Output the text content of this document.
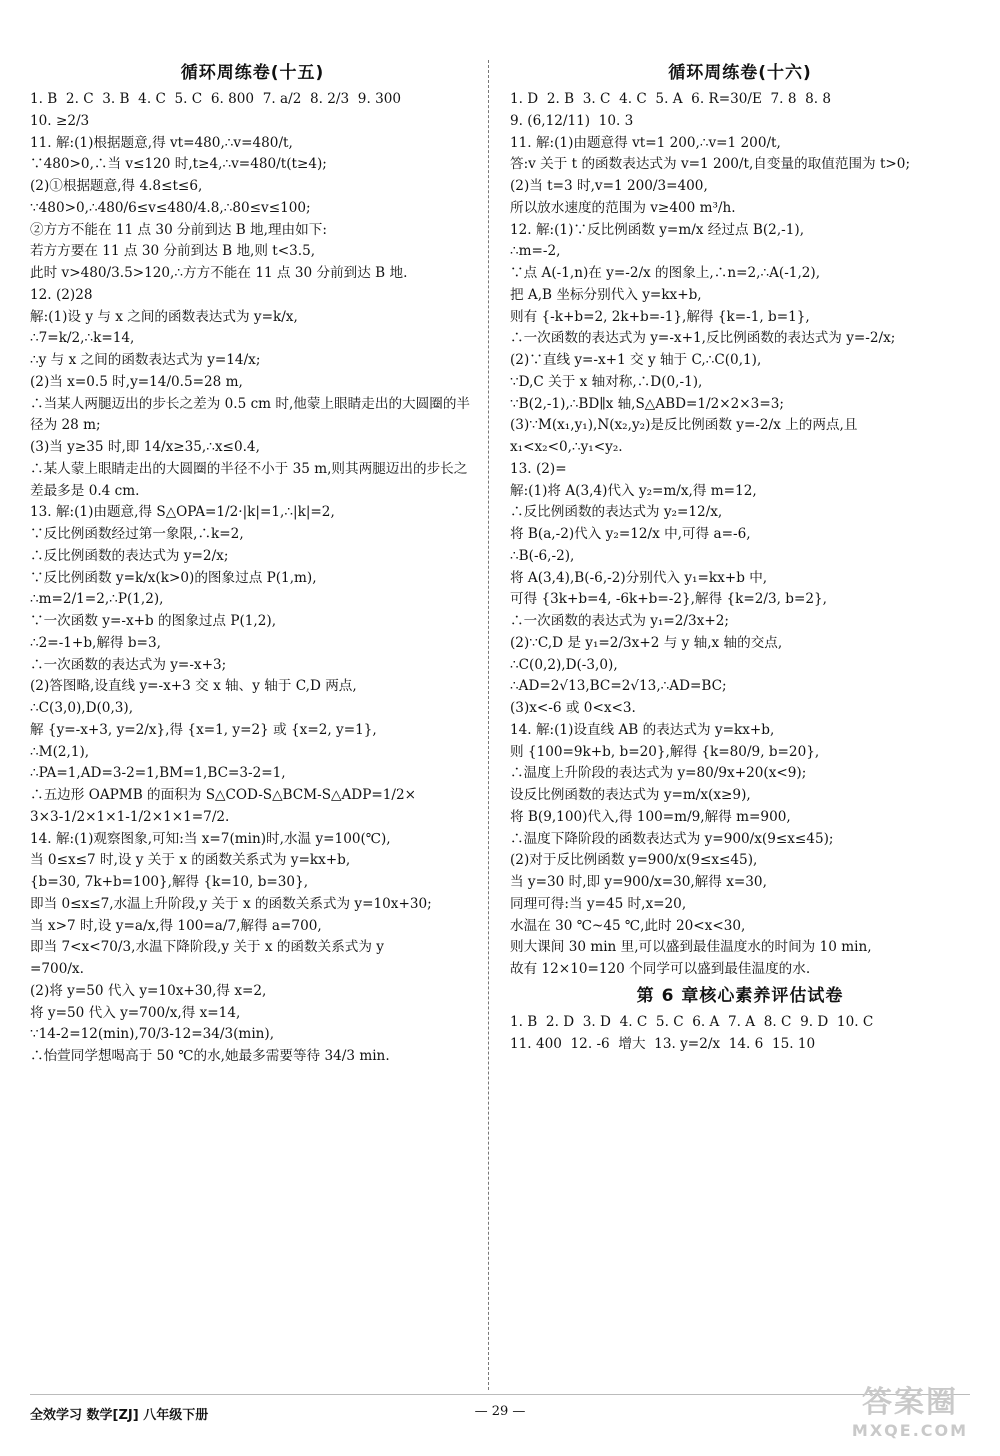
循环周练卷(十五)
1. B  2. C  3. B  4. C  5. C  6. 800  7. a/2  8. 2/3  9. 300
10. ≥2/3
11. 解:(1)根据题意,得 vt=480,∴v=480/t,
∵480>0,∴当 v≤120 时,t≥4,∴v=480/t(t≥4);
(2)①根据题意,得 4.8≤t≤6,
∵480>0,∴480/6≤v≤480/4.8,∴80≤v≤100;
②方方不能在 11 点 30 分前到达 B 地,理由如下:
若方方要在 11 点 30 分前到达 B 地,则 t<3.5,
此时 v>480/3.5>120,∴方方不能在 11 点 30 分前到达 B 地.
12. (2)28
解:(1)设 y 与 x 之间的函数表达式为 y=k/x,
∴7=k/2,∴k=14,
∴y 与 x 之间的函数表达式为 y=14/x;
(2)当 x=0.5 时,y=14/0.5=28 m,
∴当某人两腿迈出的步长之差为 0.5 cm 时,他蒙上眼睛走出的大圆圈的半径为 28 m;
(3)当 y≥35 时,即 14/x≥35,∴x≤0.4,
∴某人蒙上眼睛走出的大圆圈的半径不小于 35 m,则其两腿迈出的步长之差最多是 0.4 cm.
13. 解:(1)由题意,得 S△OPA=1/2·|k|=1,∴|k|=2,
∵反比例函数经过第一象限,∴k=2,
∴反比例函数的表达式为 y=2/x;
∵反比例函数 y=k/x(k>0)的图象过点 P(1,m),
∴m=2/1=2,∴P(1,2),
∵一次函数 y=-x+b 的图象过点 P(1,2),
∴2=-1+b,解得 b=3,
∴一次函数的表达式为 y=-x+3;
(2)答图略,设直线 y=-x+3 交 x 轴、y 轴于 C,D 两点,
∴C(3,0),D(0,3),
解 {y=-x+3, y=2/x},得 {x=1, y=2} 或 {x=2, y=1},
∴M(2,1),
∴PA=1,AD=3-2=1,BM=1,BC=3-2=1,
∴五边形 OAPMB 的面积为 S△COD-S△BCM-S△ADP=1/2×
3×3-1/2×1×1-1/2×1×1=7/2.
14. 解:(1)观察图象,可知:当 x=7(min)时,水温 y=100(℃),
当 0≤x≤7 时,设 y 关于 x 的函数关系式为 y=kx+b,
{b=30, 7k+b=100},解得 {k=10, b=30},
即当 0≤x≤7,水温上升阶段,y 关于 x 的函数关系式为 y=10x+30;
当 x>7 时,设 y=a/x,得 100=a/7,解得 a=700,
即当 7<x<70/3,水温下降阶段,y 关于 x 的函数关系式为 y
=700/x.
(2)将 y=50 代入 y=10x+30,得 x=2,
将 y=50 代入 y=700/x,得 x=14,
∵14-2=12(min),70/3-12=34/3(min),
∴怡萱同学想喝高于 50 ℃的水,她最多需要等待 34/3 min.
循环周练卷(十六)
1. D  2. B  3. C  4. C  5. A  6. R=30/E  7. 8  8. 8
9. (6,12/11)  10. 3
11. 解:(1)由题意得 vt=1 200,∴v=1 200/t,
答:v 关于 t 的函数表达式为 v=1 200/t,自变量的取值范围为 t>0;
(2)当 t=3 时,v=1 200/3=400,
所以放水速度的范围为 v≥400 m³/h.
12. 解:(1)∵反比例函数 y=m/x 经过点 B(2,-1),
∴m=-2,
∵点 A(-1,n)在 y=-2/x 的图象上,∴n=2,∴A(-1,2),
把 A,B 坐标分别代入 y=kx+b,
则有 {-k+b=2, 2k+b=-1},解得 {k=-1, b=1},
∴一次函数的表达式为 y=-x+1,反比例函数的表达式为 y=-2/x;
(2)∵直线 y=-x+1 交 y 轴于 C,∴C(0,1),
∵D,C 关于 x 轴对称,∴D(0,-1),
∵B(2,-1),∴BD∥x 轴,S△ABD=1/2×2×3=3;
(3)∵M(x₁,y₁),N(x₂,y₂)是反比例函数 y=-2/x 上的两点,且 x₁<x₂<0,∴y₁<y₂.
13. (2)=
解:(1)将 A(3,4)代入 y₂=m/x,得 m=12,
∴反比例函数的表达式为 y₂=12/x,
将 B(a,-2)代入 y₂=12/x 中,可得 a=-6,
∴B(-6,-2),
将 A(3,4),B(-6,-2)分别代入 y₁=kx+b 中,
可得 {3k+b=4, -6k+b=-2},解得 {k=2/3, b=2},
∴一次函数的表达式为 y₁=2/3x+2;
(2)∵C,D 是 y₁=2/3x+2 与 y 轴,x 轴的交点,
∴C(0,2),D(-3,0),
∴AD=2√13,BC=2√13,∴AD=BC;
(3)x<-6 或 0<x<3.
14. 解:(1)设直线 AB 的表达式为 y=kx+b,
则 {100=9k+b, b=20},解得 {k=80/9, b=20},
∴温度上升阶段的表达式为 y=80/9x+20(x<9);
设反比例函数的表达式为 y=m/x(x≥9),
将 B(9,100)代入,得 100=m/9,解得 m=900,
∴温度下降阶段的函数表达式为 y=900/x(9≤x≤45);
(2)对于反比例函数 y=900/x(9≤x≤45),
当 y=30 时,即 y=900/x=30,解得 x=30,
同理可得:当 y=45 时,x=20,
水温在 30 ℃~45 ℃,此时 20<x<30,
则大课间 30 min 里,可以盛到最佳温度水的时间为 10 min,
故有 12×10=120 个同学可以盛到最佳温度的水.
第 6 章核心素养评估试卷
1. B  2. D  3. D  4. C  5. C  6. A  7. A  8. C  9. D  10. C
11. 400  12. -6  增大  13. y=2/x  14. 6  15. 10
全效学习 数学[ZJ] 八年级下册	— 29 —	答案圈
MXQE.COM
